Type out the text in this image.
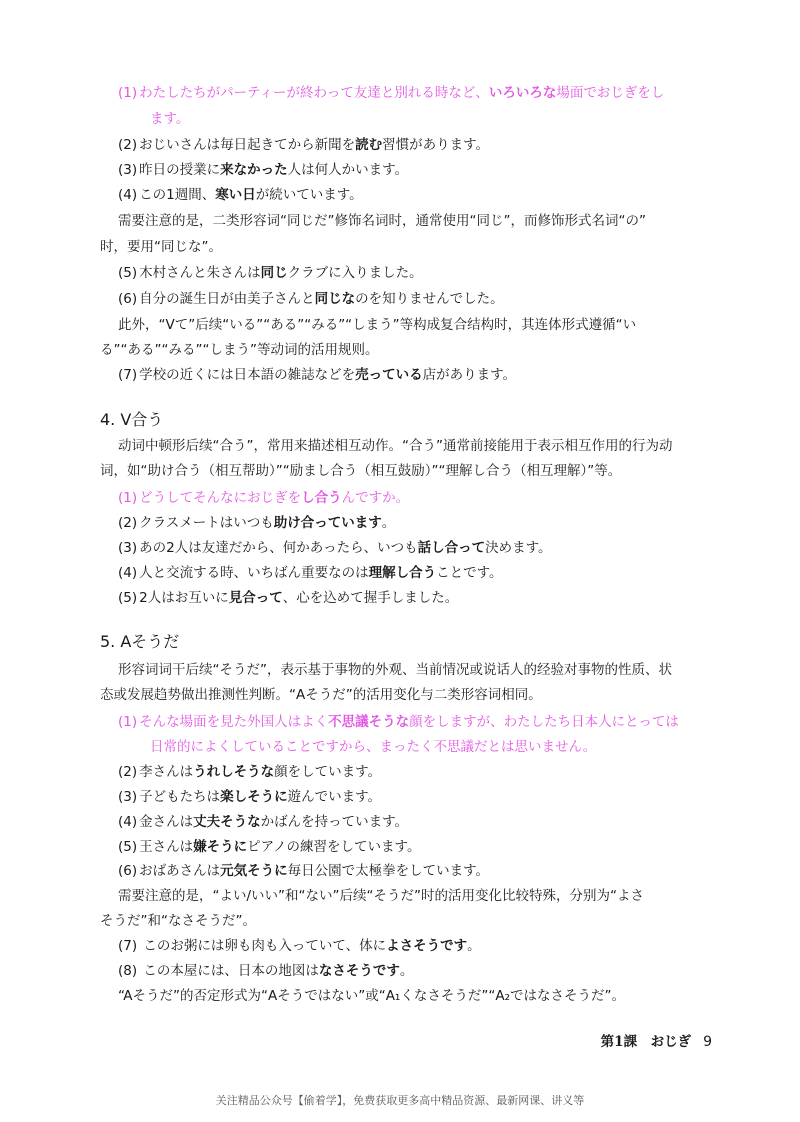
(1) わたしたちがパーティーが終わって友達と別れる時など、いろいろな場面でおじぎをし
ます。
(2) おじいさんは毎日起きてから新聞を読む習慣があります。
(3) 昨日の授業に来なかった人は何人かいます。
(4) この1週間、寒い日が続いています。
需要注意的是，二类形容词“同じだ”修饰名词时，通常使用“同じ”，而修饰形式名词“の”
时，要用“同じな”。
(5) 木村さんと朱さんは同じクラブに入りました。
(6) 自分の誕生日が由美子さんと同じなのを知りませんでした。
此外，“Vて”后续“いる”“ある”“みる”“しまう”等构成复合结构时，其连体形式遵循“い
る”“ある”“みる”“しまう”等动词的活用规则。
(7) 学校の近くには日本語の雑誌などを売っている店があります。
4. V合う
动词中顿形后续“合う”，常用来描述相互动作。“合う”通常前接能用于表示相互作用的行为动
词，如“助け合う（相互帮助）”“励まし合う（相互鼓励）”“理解し合う（相互理解）”等。
(1) どうしてそんなにおじぎをし合うんですか。
(2) クラスメートはいつも助け合っています。
(3) あの2人は友達だから、何かあったら、いつも話し合って決めます。
(4) 人と交流する時、いちばん重要なのは理解し合うことです。
(5) 2人はお互いに見合って、心を込めて握手しました。
5. Aそうだ
形容词词干后续“そうだ”，表示基于事物的外观、当前情况或说话人的经验对事物的性质、状
态或发展趋势做出推测性判断。“Aそうだ”的活用变化与二类形容词相同。
(1) そんな場面を見た外国人はよく不思議そうな顔をしますが、わたしたち日本人にとっては
日常的によくしていることですから、まったく不思議だとは思いません。
(2) 李さんはうれしそうな顔をしています。
(3) 子どもたちは楽しそうに遊んでいます。
(4) 金さんは丈夫そうなかばんを持っています。
(5) 王さんは嫌そうにピアノの練習をしています。
(6) おばあさんは元気そうに毎日公園で太極拳をしています。
需要注意的是，“よい/いい”和“ない”后续“そうだ”时的活用变化比较特殊，分别为“よさ
そうだ”和“なさそうだ”。
(7) このお粥には卵も肉も入っていて、体によさそうです。
(8) この本屋には、日本の地図はなさそうです。
“Aそうだ”的否定形式为“Aそうではない”或“A₁くなさそうだ”“A₂ではなさそうだ”。
第1課　おじぎ 9
关注精品公众号【偷着学】，免费获取更多高中精品资源、最新网课、讲义等
